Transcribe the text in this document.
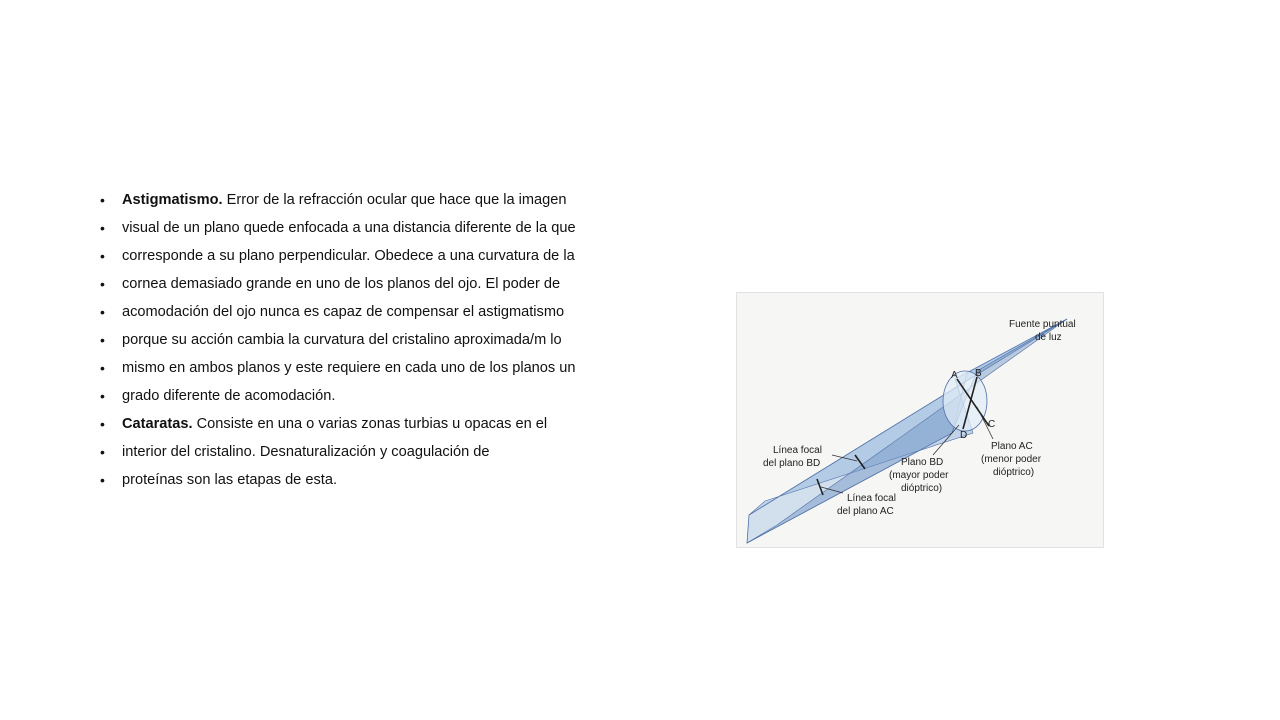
• Astigmatismo. Error de la refracción ocular que hace que la imagen
• visual de un plano quede enfocada a una distancia diferente de la que
• corresponde a su plano perpendicular. Obedece a una curvatura de la
• cornea demasiado grande en uno de los planos del ojo. El poder de
• acomodación del ojo nunca es capaz de compensar el astigmatismo
• porque su acción cambia la curvatura del cristalino aproximada/m lo
• mismo en ambos planos y este requiere en cada uno de los planos un
• grado diferente de acomodación.
• Cataratas. Consiste en una o varias zonas turbias u opacas en el
• interior del cristalino. Desnaturalización y coagulación de
• proteínas son las etapas de esta.
Fuente puntual
de luz
A B
C
D
Línea focal
del plano BD	Plano BD
(mayor poder
dióptrico)
Plano AC
(menor poder
dióptrico)
Línea focal
del plano AC
